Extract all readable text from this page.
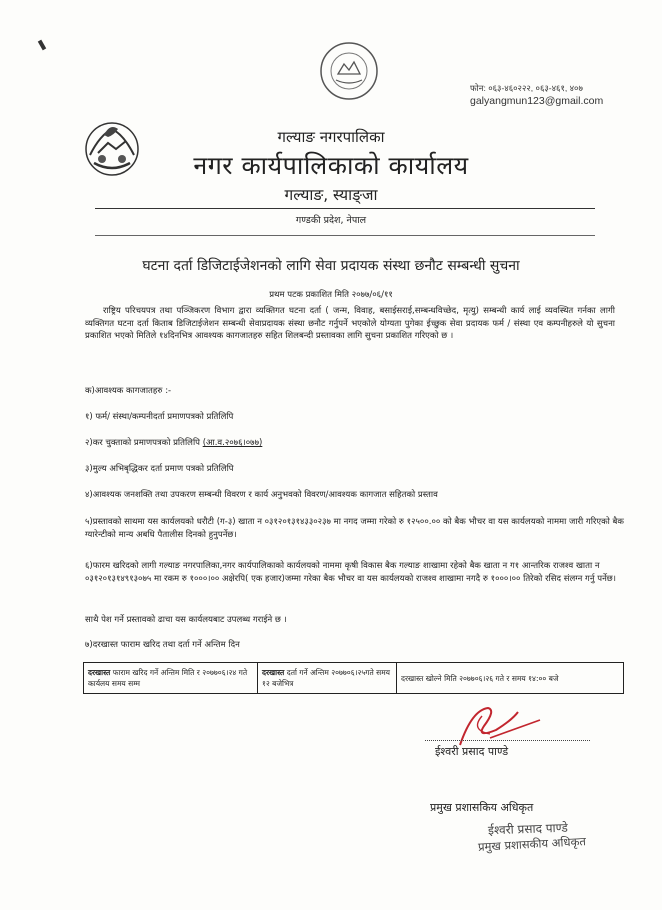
फोन: ०६३-४६०२२२, ०६३-४६१, ४०७
galyangmun123@gmail.com
गल्याङ नगरपालिका
नगर कार्यपालिकाको कार्यालय
गल्याङ, स्याङ्जा
गण्डकी प्रदेश, नेपाल
घटना दर्ता डिजिटाईजेशनको लागि सेवा प्रदायक संस्था छनौट सम्बन्धी सुचना
प्रथम पटक प्रकाशित मिति २०७७/०६/११
राष्ट्रिय परिचयपत्र तथा पञ्जिकरण विभाग द्वारा व्यक्तिगत घटना दर्ता ( जन्म, विवाह, बसाईसराई,सम्बन्धविच्छेद, मृत्यु) सम्बन्धी कार्य लाई व्यवस्थित गर्नका लागी व्यक्तिगत घटना दर्ता किताब डिजिटाईजेशन सम्बन्धी सेवाप्रदायक संस्था छनौट गर्नुपर्ने भएकोले योग्यता पुगेका ईच्छुक सेवा प्रदायक फर्म / संस्था एव कम्पनीहरुले यो सुचना प्रकाशित भएको मितिले १४दिनभित्र आवश्यक कागजातहरु सहित शिलबन्दी प्रस्तावका लागि सुचना प्रकाशित गरिएको छ ।
क)आवश्यक कागजातहरु :-
१) फर्म/ संस्था/कम्पनीदर्ता प्रमाणपत्रको प्रतिलिपि
२)कर चुक्ताको प्रमाणपत्रको प्रतिलिपि (आ.व.२०७६।०७७)
३)मुल्य अभिबृद्धिकर दर्ता प्रमाण पत्रको प्रतिलिपि
४)आवश्यक जनशक्ति तथा उपकरण सम्बन्धी विवरण र कार्य अनुभवको विवरण/आवश्यक कागजात सहितको प्रस्ताव
५)प्रस्तावको साथमा यस कार्यलयको धरौटी (ग-३) खाता न ०३१२०१३१४३३०२३७ मा नगद जम्मा गरेको रु १२५००.०० को बैक भौचर वा यस कार्यलयको नाममा जारी गरिएको बैक ग्यारेन्टीको मान्य अबधि पैतालीस दिनको हुनुपर्नेछ।
६)फारम खरिदको लागी गल्याङ नगरपालिका,नगर कार्यपालिकाको कार्यलयको नाममा कृषी विकास बैक गल्याङ शाखामा रहेको बैक खाता न ग१ आन्तरिक राजश्व खाता न ०३१२०१३१४९१३०७५ मा रकम रु १०००।०० अक्षेरपि( एक हजार)जम्मा गरेका बैक भौचर वा यस कार्यलयको राजश्व शाखामा नगदै रु १०००।०० तिरेको रसिद संलग्न गर्नु पर्नेछ।
साथै पेश गर्ने प्रस्तावको ढाचा यस कार्यलयबाट उपलब्ध गराईने छ ।
७)दरखास्त फाराम खरिद तथा दर्ता गर्ने अन्तिम दिन
दरखास्त फाराम खरिद गर्ने अन्तिम मिति र २०७७०६।२४ गते कार्यलय समय सम्म	दरखास्त दर्ता गर्ने अन्तिम २०७७०६।२५गते समय १२ बजेभित्र	दरखास्त खोल्ने मिति २०७७०६।२६ गते र समय १४:०० बजे
ईश्वरी प्रसाद पाण्डे
प्रमुख प्रशासकिय अधिकृत
ईश्वरी प्रसाद पाण्डे
प्रमुख प्रशासकीय अधिकृत
